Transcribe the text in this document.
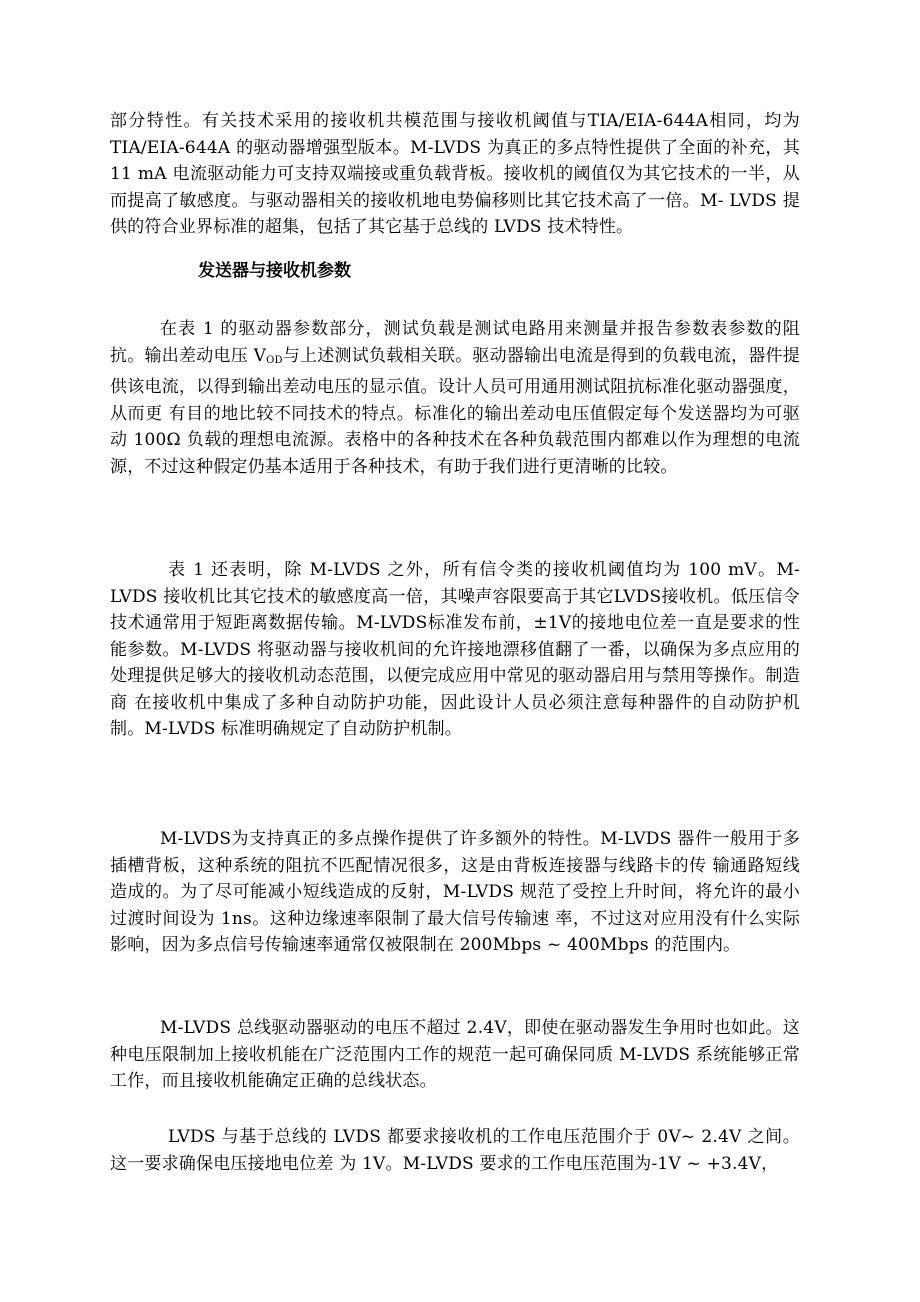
部分特性。有关技术采用的接收机共模范围与接收机阈值与TIA/EIA-644A相同，均为TIA/EIA-644A 的驱动器增强型版本。M-LVDS 为真正的多点特性提供了全面的补充，其 11 mA 电流驱动能力可支持双端接或重负载背板。接收机的阈值仅为其它技术的一半，从而提高了敏感度。与驱动器相关的接收机地电势偏移则比其它技术高了一倍。M- LVDS 提供的符合业界标准的超集，包括了其它基于总线的 LVDS 技术特性。

发送器与接收机参数

在表 1 的驱动器参数部分，测试负载是测试电路用来测量并报告参数表参数的阻抗。输出差动电压 $V_{OD}$与上述测试负载相关联。驱动器输出电流是得到的负载电流，器件提供该电流，以得到输出差动电压的显示值。设计人员可用通用测试阻抗标准化驱动器强度，从而更 有目的地比较不同技术的特点。标准化的输出差动电压值假定每个发送器均为可驱动 100Ω 负载的理想电流源。表格中的各种技术在各种负载范围内都难以作为理想的电流源，不过这种假定仍基本适用于各种技术，有助于我们进行更清晰的比较。

表 1 还表明，除 M-LVDS 之外，所有信令类的接收机阈值均为 100 mV。M-LVDS 接收机比其它技术的敏感度高一倍，其噪声容限要高于其它LVDS接收机。低压信令技术通常用于短距离数据传输。M-LVDS标准发布前，±1V的接地电位差一直是要求的性能参数。M-LVDS 将驱动器与接收机间的允许接地漂移值翻了一番，以确保为多点应用的处理提供足够大的接收机动态范围，以便完成应用中常见的驱动器启用与禁用等操作。制造商 在接收机中集成了多种自动防护功能，因此设计人员必须注意每种器件的自动防护机制。M-LVDS 标准明确规定了自动防护机制。

M-LVDS为支持真正的多点操作提供了许多额外的特性。M-LVDS 器件一般用于多插槽背板，这种系统的阻抗不匹配情况很多，这是由背板连接器与线路卡的传 输通路短线造成的。为了尽可能减小短线造成的反射，M-LVDS 规范了受控上升时间，将允许的最小过渡时间设为 1ns。这种边缘速率限制了最大信号传输速 率，不过这对应用没有什么实际影响，因为多点信号传输速率通常仅被限制在 200Mbps ~ 400Mbps 的范围内。

M-LVDS 总线驱动器驱动的电压不超过 2.4V，即使在驱动器发生争用时也如此。这种电压限制加上接收机能在广泛范围内工作的规范一起可确保同质 M-LVDS 系统能够正常工作，而且接收机能确定正确的总线状态。

LVDS 与基于总线的 LVDS 都要求接收机的工作电压范围介于 0V~ 2.4V 之间。这一要求确保电压接地电位差 为 1V。M-LVDS 要求的工作电压范围为-1V ~ +3.4V，
